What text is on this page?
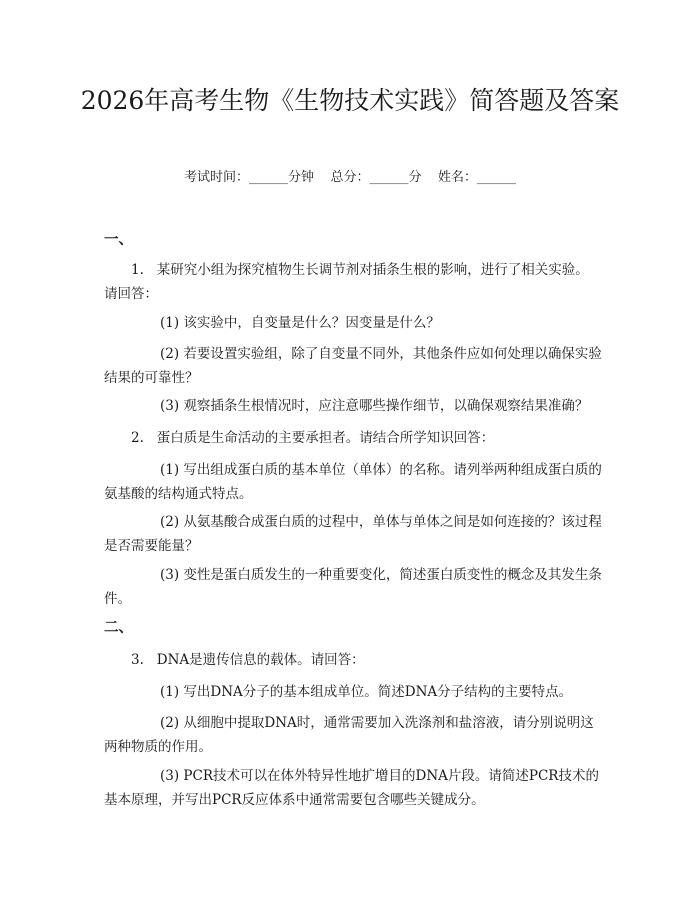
2026年高考生物《生物技术实践》简答题及答案
考试时间：______分钟    总分：______分    姓名：______
一、

1. 某研究小组为探究植物生长调节剂对插条生根的影响，进行了相关实验。请回答：

(1) 该实验中，自变量是什么？因变量是什么？

(2) 若要设置实验组，除了自变量不同外，其他条件应如何处理以确保实验结果的可靠性？

(3) 观察插条生根情况时，应注意哪些操作细节，以确保观察结果准确？

2. 蛋白质是生命活动的主要承担者。请结合所学知识回答：

(1) 写出组成蛋白质的基本单位（单体）的名称。请列举两种组成蛋白质的氨基酸的结构通式特点。

(2) 从氨基酸合成蛋白质的过程中，单体与单体之间是如何连接的？该过程是否需要能量？

(3) 变性是蛋白质发生的一种重要变化，简述蛋白质变性的概念及其发生条件。

二、

3. DNA是遗传信息的载体。请回答：

(1) 写出DNA分子的基本组成单位。简述DNA分子结构的主要特点。

(2) 从细胞中提取DNA时，通常需要加入洗涤剂和盐溶液，请分别说明这两种物质的作用。

(3) PCR技术可以在体外特异性地扩增目的DNA片段。请简述PCR技术的基本原理，并写出PCR反应体系中通常需要包含哪些关键成分。
